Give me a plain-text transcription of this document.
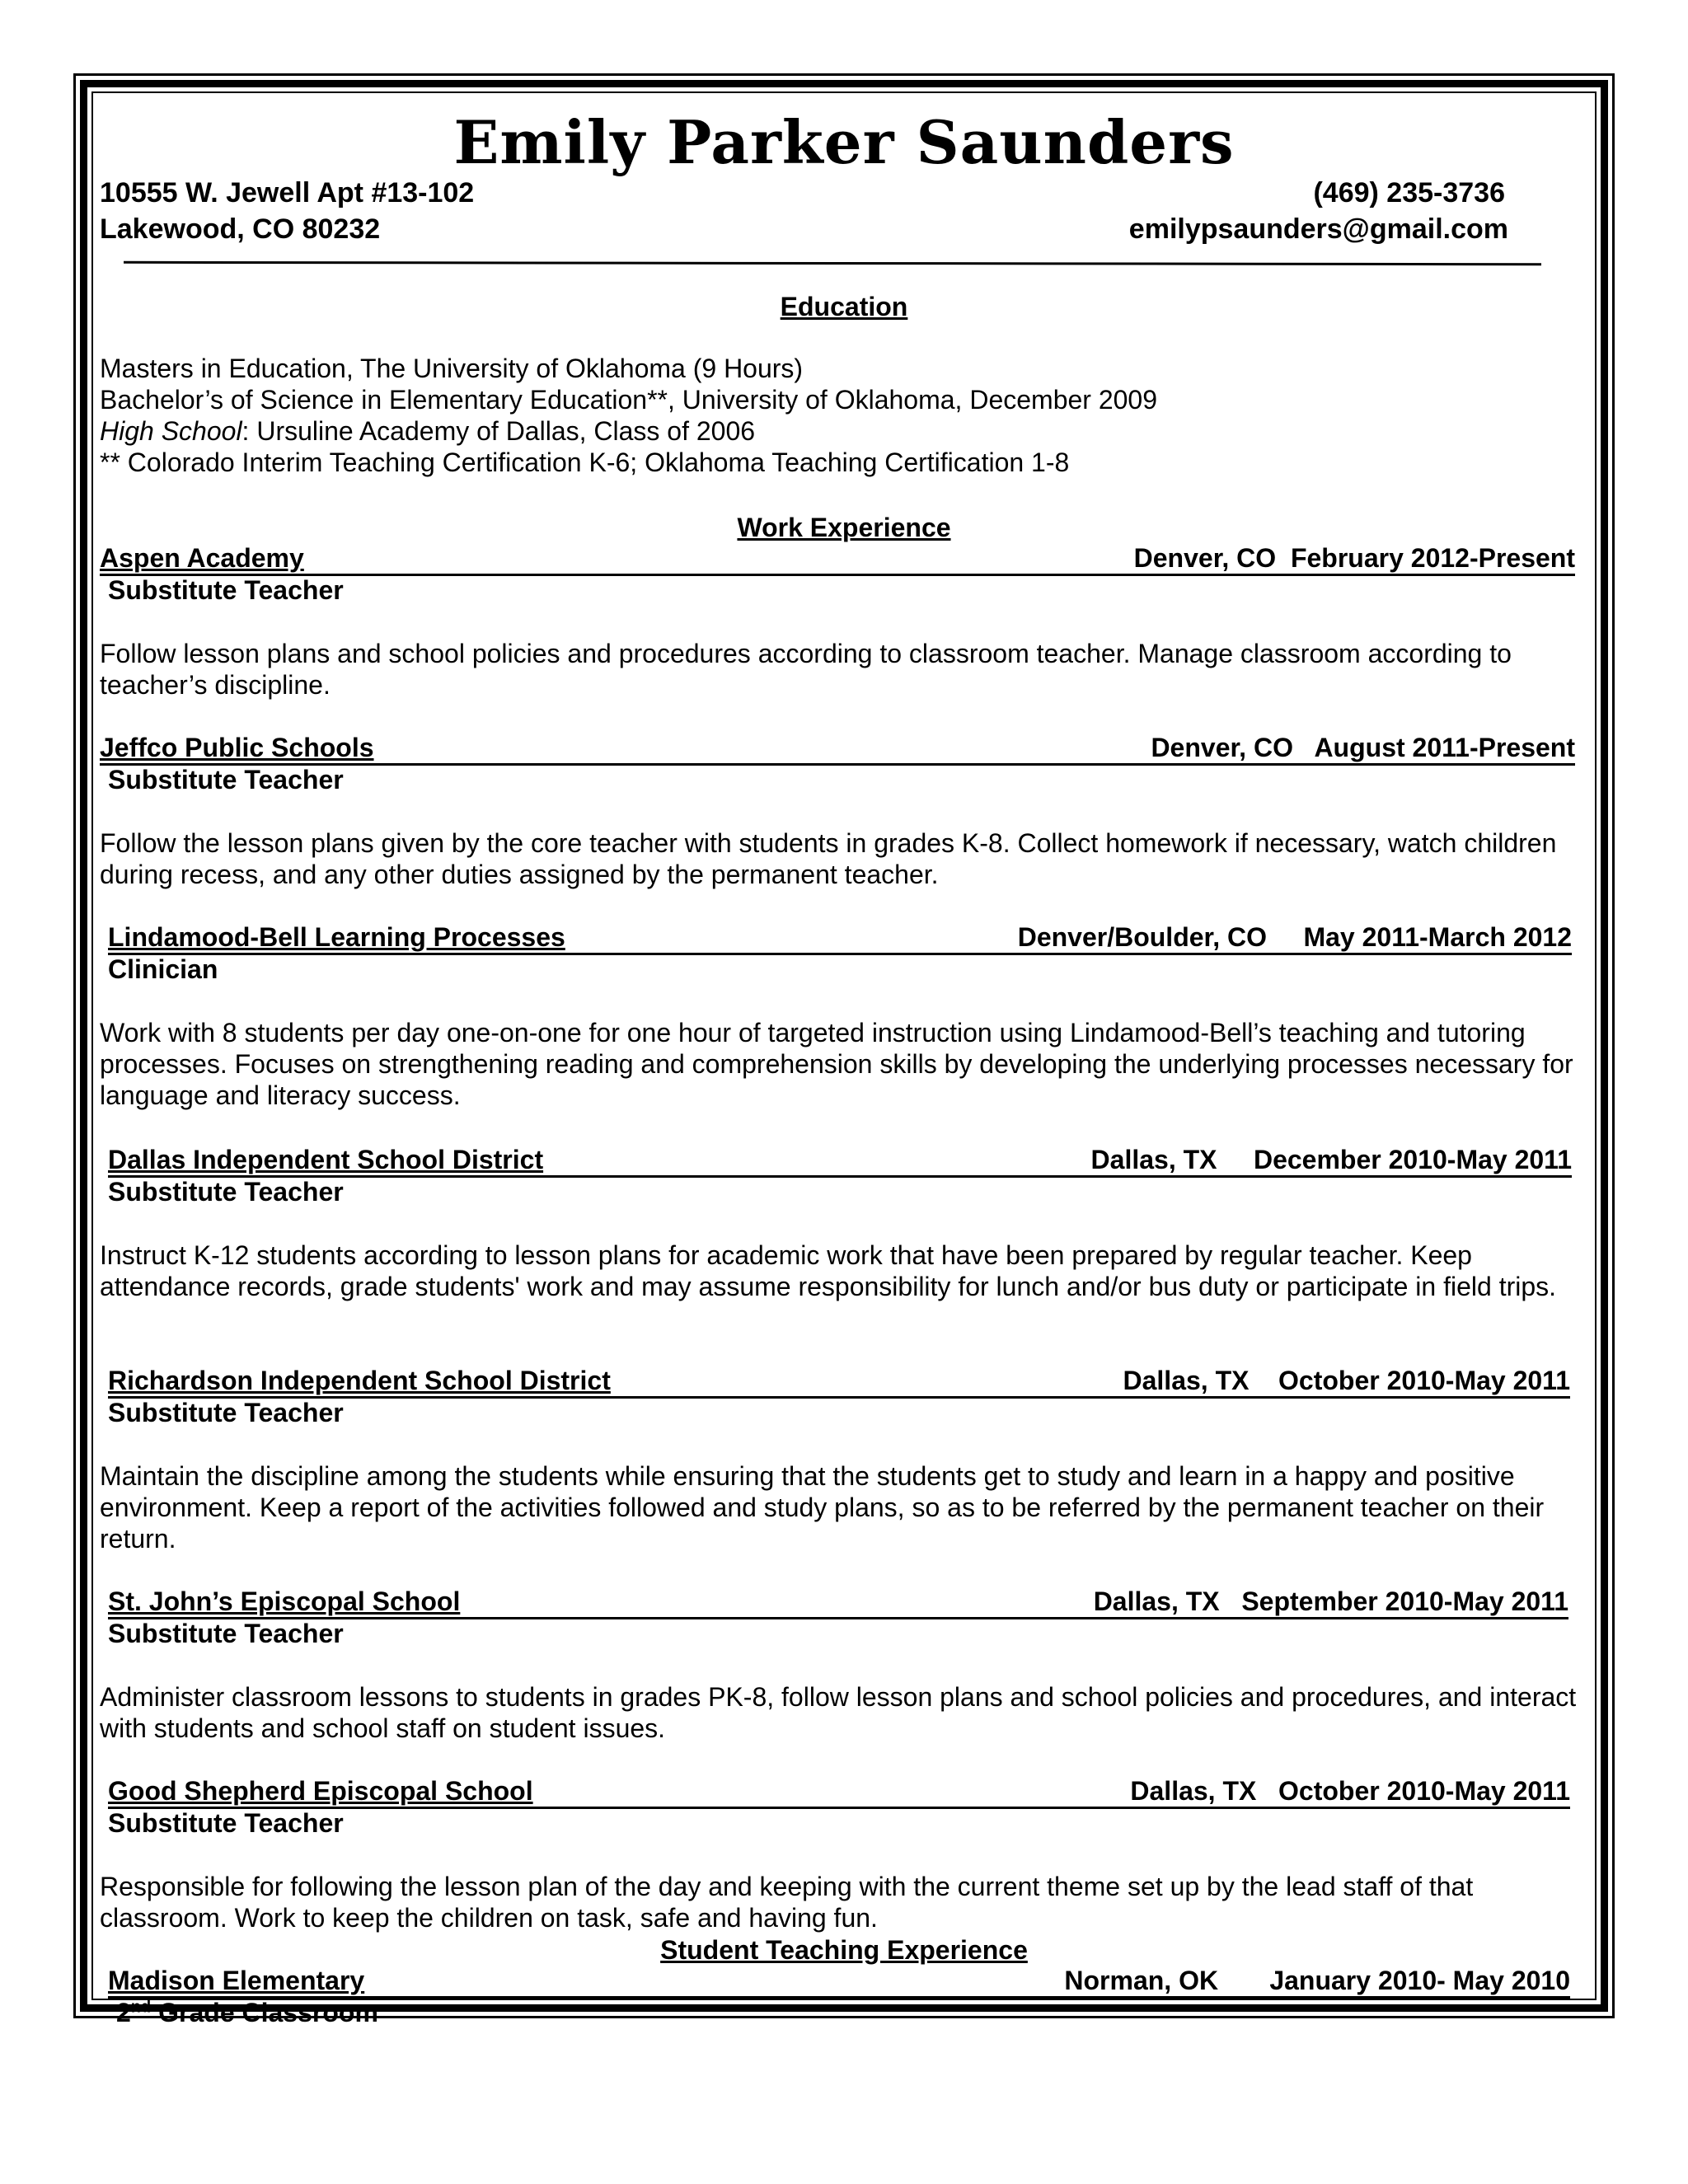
Emily Parker Saunders
10555 W. Jewell Apt #13-102
Lakewood, CO 80232
(469) 235-3736
emilypsaunders@gmail.com
Education
Masters in Education, The University of Oklahoma (9 Hours)
Bachelor’s of Science in Elementary Education**, University of Oklahoma, December 2009
High School: Ursuline Academy of Dallas, Class of 2006
** Colorado Interim Teaching Certification K-6; Oklahoma Teaching Certification 1-8
Work Experience
Aspen Academy	Denver, CO  February 2012-Present
Substitute Teacher
Follow lesson plans and school policies and procedures according to classroom teacher. Manage classroom according to teacher’s discipline.
Jeffco Public Schools	Denver, CO   August 2011-Present
Substitute Teacher
Follow the lesson plans given by the core teacher with students in grades K-8. Collect homework if necessary, watch children during recess, and any other duties assigned by the permanent teacher.
Lindamood-Bell Learning Processes	Denver/Boulder, CO     May 2011-March 2012
Clinician
Work with 8 students per day one-on-one for one hour of targeted instruction using Lindamood-Bell’s teaching and tutoring processes. Focuses on strengthening reading and comprehension skills by developing the underlying processes necessary for language and literacy success.
Dallas Independent School District	Dallas, TX     December 2010-May 2011
Substitute Teacher
Instruct K-12 students according to lesson plans for academic work that have been prepared by regular teacher. Keep attendance records, grade students' work and may assume responsibility for lunch and/or bus duty or participate in field trips.
Richardson Independent School District	Dallas, TX    October 2010-May 2011
Substitute Teacher
Maintain the discipline among the students while ensuring that the students get to study and learn in a happy and positive environment. Keep a report of the activities followed and study plans, so as to be referred by the permanent teacher on their return.
St. John’s Episcopal School	Dallas, TX   September 2010-May 2011
Substitute Teacher
Administer classroom lessons to students in grades PK-8, follow lesson plans and school policies and procedures, and interact with students and school staff on student issues.
Good Shepherd Episcopal School	Dallas, TX   October 2010-May 2011
Substitute Teacher
Responsible for following the lesson plan of the day and keeping with the current theme set up by the lead staff of that classroom. Work to keep the children on task, safe and having fun.
Student Teaching Experience
Madison Elementary	Norman, OK       January 2010- May 2010
2nd Grade Classroom
